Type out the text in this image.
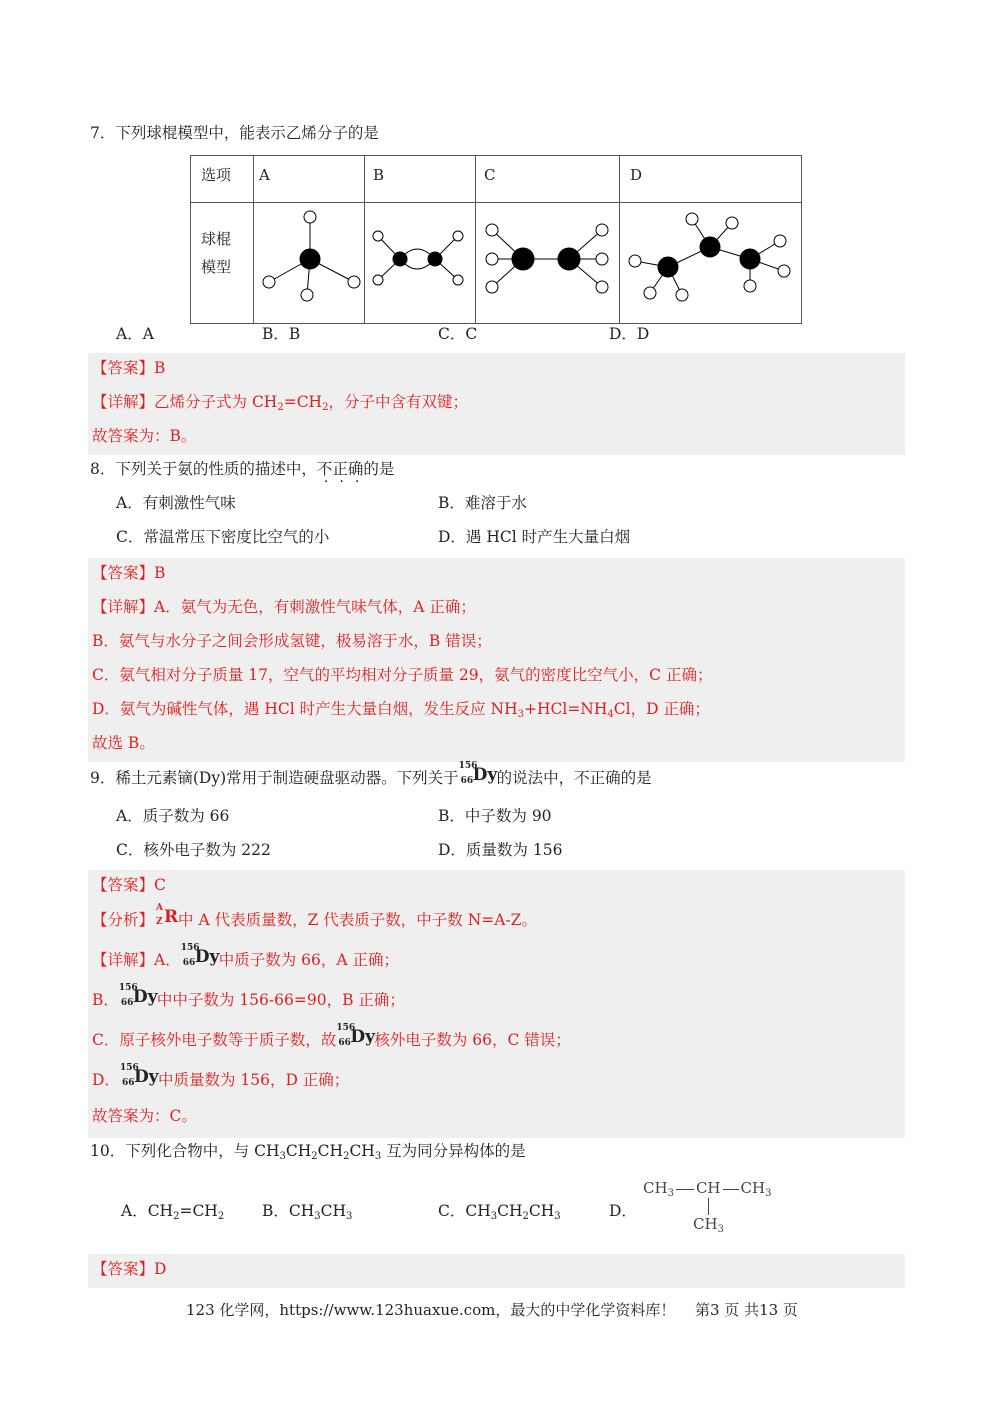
7．下列球棍模型中，能表示乙烯分子的是
选项	A	B	C	D

球棍
模型

A．A	B．B	C．C	D．D
【答案】B
【详解】乙烯分子式为 $CH_2=CH_2$，分子中含有双键；
故答案为：B。
8．下列关于氨的性质的描述中，不正确的是
A．有刺激性气味	B．难溶于水
C．常温常压下密度比空气的小	D．遇 HCl 时产生大量白烟
【答案】B
【详解】A．氨气为无色，有刺激性气味气体，A 正确；
B．氨气与水分子之间会形成氢键，极易溶于水，B 错误；
C．氨气相对分子质量 17，空气的平均相对分子质量 29，氨气的密度比空气小，C 正确；
D．氨气为碱性气体，遇 HCl 时产生大量白烟，发生反应 $NH_3+HCl=NH_4Cl$，D 正确；
故选 B。
9．稀土元素镝(Dy)常用于制造硬盘驱动器。下列关于
156
66 Dy 的说法中，不正确的是
A．质子数为 66	B．中子数为 90
C．核外电子数为 222	D．质量数为 156
【答案】C
【分析】
A
Z R 中 A 代表质量数，Z 代表质子数，中子数 N=A-Z。
【详解】A．
156
66 Dy 中质子数为 66，A 正确；
B．
156
66 Dy 中中子数为 156-66=90，B 正确；
C．原子核外电子数等于质子数，故
156
66 Dy 核外电子数为 66，C 错误；
D．
156
66 Dy 中质量数为 156，D 正确；
故答案为：C。
10．下列化合物中，与 $CH_3CH_2CH_2CH_3$ 互为同分异构体的是
A．$CH_2=CH_2$ B．$CH_3CH_3$	C．$CH_3CH_2CH_3$	D．
$CH_3$ CH $CH_3$
$CH_3$
【答案】D
123 化学网，https://www.123huaxue.com，最大的中学化学资料库！ 第3 页 共13 页
